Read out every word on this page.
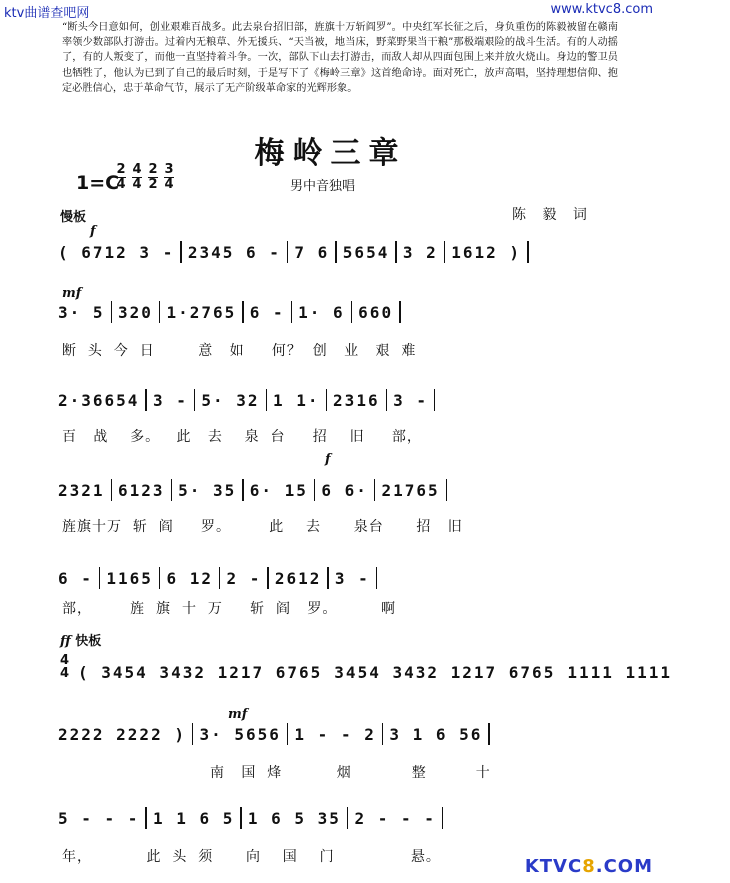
ktv曲谱查吧网	www.ktvc8.com
“断头今日意如何，创业艰难百战多。此去泉台招旧部，旌旗十万斩阎罗”。中央红军长征之后，身负重伤的陈毅被留在赣南率领少数部队打游击。过着内无粮草、外无援兵、“天当被，地当床，野菜野果当干粮”那极端艰险的战斗生活。有的人动摇了，有的人叛变了，而他一直坚持着斗争。一次，部队下山去打游击，而敌人却从四面包围上来并放火烧山。身边的警卫员也牺牲了，他认为已到了自己的最后时刻，于是写下了《梅岭三章》这首绝命诗。面对死亡，放声高唱，坚持理想信仰、抱定必胜信心，忠于革命气节，展示了无产阶级革命家的光辉形象。
梅岭三章
1=C
$\frac{2}{4} \frac{4}{4} \frac{2}{2} \frac{3}{4}$	男中音独唱
陈 毅 词
慢板
f
( 6712 3 - 2345 6 - 7 6 5654 3 2 1612 )
mf
3· 5 320 1·2765 6 - 1· 6 660
断  头  今  日        意   如     何？  创   业   艰  难
2·36654 3 - 5· 32 1 1· 2316 3 -
百   战    多。   此   去    泉  台     招    旧     部，
f
2321 6123 5· 35 6· 15 6 6· 21765
旌旗十万  斩  阎     罗。       此    去      泉台      招   旧
6 - 1165 6 12 2 - 2612 3 -
部，       旌  旗  十  万     斩  阎   罗。        啊
ff 快板
4
4 ( 3454 3432 1217 6765 3454 3432 1217 6765 1111 1111
mf
2222 2222 ) 3· 5656 1 - - 2 3 1 6 56
南   国  烽          烟           整         十
5 - - - 1 1 6 5 1 6 5 35 2 - - -
年，          此  头  须      向    国    门              悬。	KTVC8.COM
